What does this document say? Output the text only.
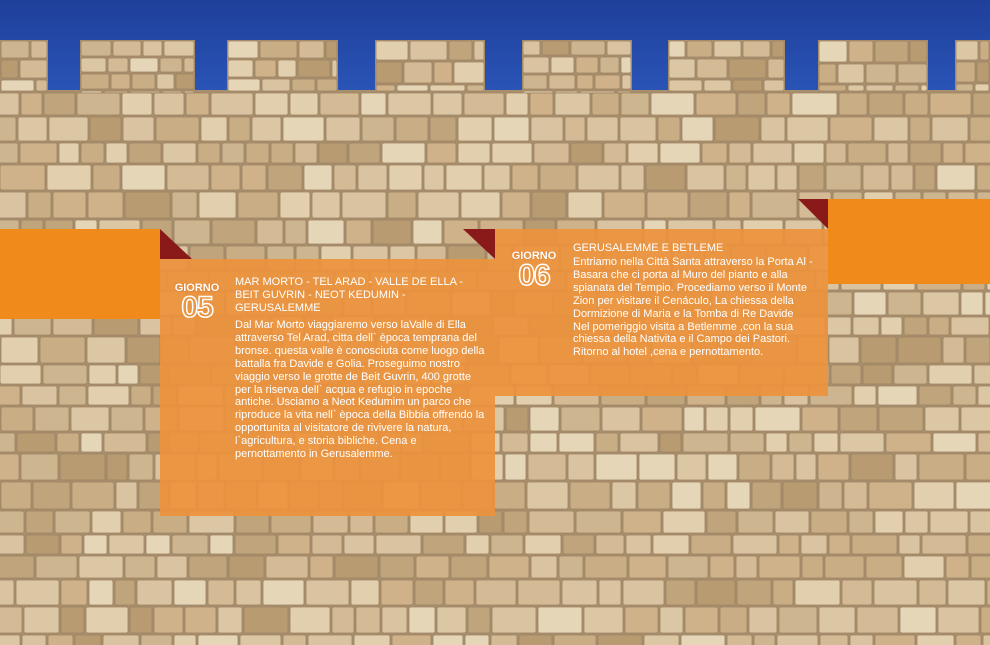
GIORNO
05
MAR MORTO - TEL ARAD - VALLE DE ELLA - BEIT GUVRIN - NEOT KEDUMIN - GERUSALEMME

Dal Mar Morto viaggiaremo verso laValle di Ella attraverso Tel Arad, citta dell` època temprana del bronse. questa valle è conosciuta come luogo della battalla fra Davide e Golia. Proseguimo nostro viaggio verso le grotte de Beit Guvrin, 400 grotte per la riserva dell` acqua e refugio in epoche antiche. Usciamo a Neot Kedumim un parco che riproduce la vita nell` època della Bibbia offrendo la opportunita al visitatore de rivivere la natura, l`agricultura, e storia bibliche. Cena e pernottamento in Gerusalemme.

GIORNO
06
GERUSALEMME E BETLEME

Entriamo nella Città Santa attraverso la Porta Al - Basara che ci porta al Muro del pianto e alla spianata del Tempio. Procediamo verso il Monte Zion per visitare il Cenáculo, La chiessa della Dormizione di Maria e la Tomba di Re Davide

Nel pomeriggio visita a Betlemme ,con la sua chiessa della Nativita e il Campo dei Pastori. Ritorno al hotel ,cena e pernottamento.
